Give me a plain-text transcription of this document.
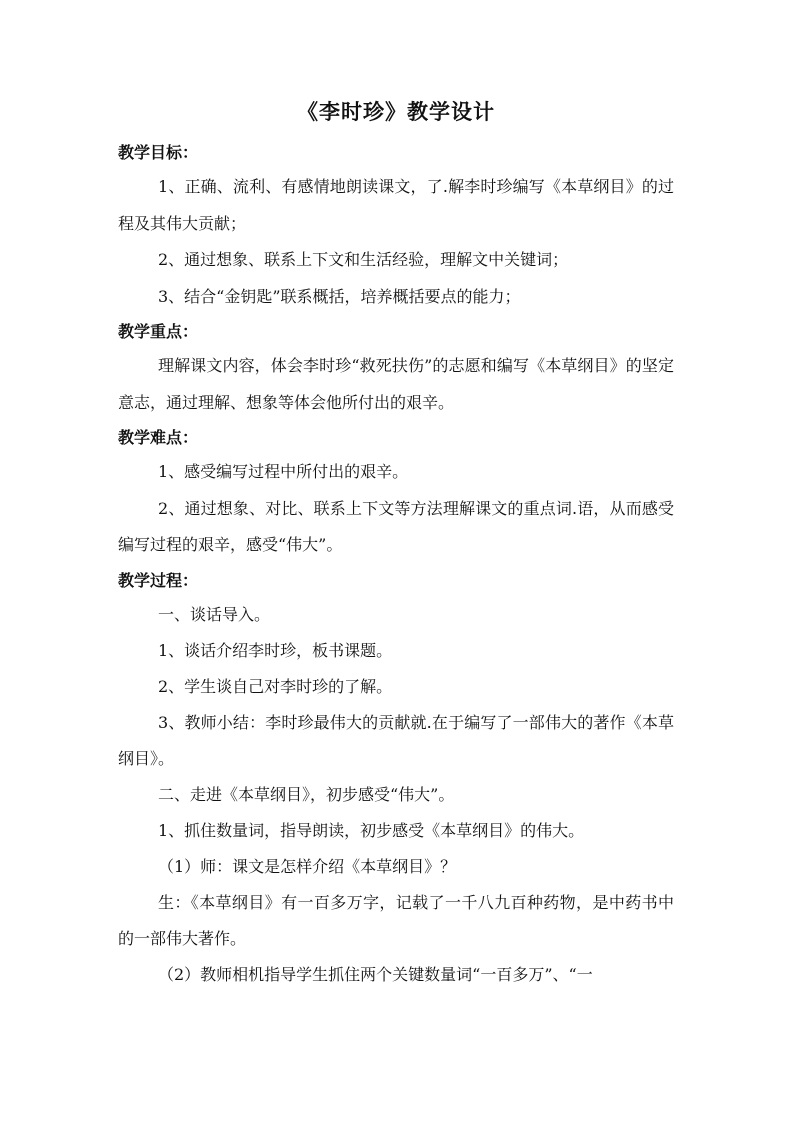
《李时珍》教学设计

教学目标：

1、正确、流利、有感情地朗读课文，了.解李时珍编写《本草纲目》的过程及其伟大贡献；

2、通过想象、联系上下文和生活经验，理解文中关键词；

3、结合“金钥匙”联系概括，培养概括要点的能力；

教学重点：

理解课文内容，体会李时珍“救死扶伤”的志愿和编写《本草纲目》的坚定意志，通过理解、想象等体会他所付出的艰辛。

教学难点：

1、感受编写过程中所付出的艰辛。

2、通过想象、对比、联系上下文等方法理解课文的重点词.语，从而感受编写过程的艰辛，感受“伟大”。

教学过程：

一、谈话导入。

1、谈话介绍李时珍，板书课题。

2、学生谈自己对李时珍的了解。

3、教师小结：李时珍最伟大的贡献就.在于编写了一部伟大的著作《本草纲目》。

二、走进《本草纲目》，初步感受“伟大”。

1、抓住数量词，指导朗读，初步感受《本草纲目》的伟大。

（1）师：课文是怎样介绍《本草纲目》？

生：《本草纲目》有一百多万字，记载了一千八九百种药物，是中药书中的一部伟大著作。

（2）教师相机指导学生抓住两个关键数量词“一百多万”、“一
